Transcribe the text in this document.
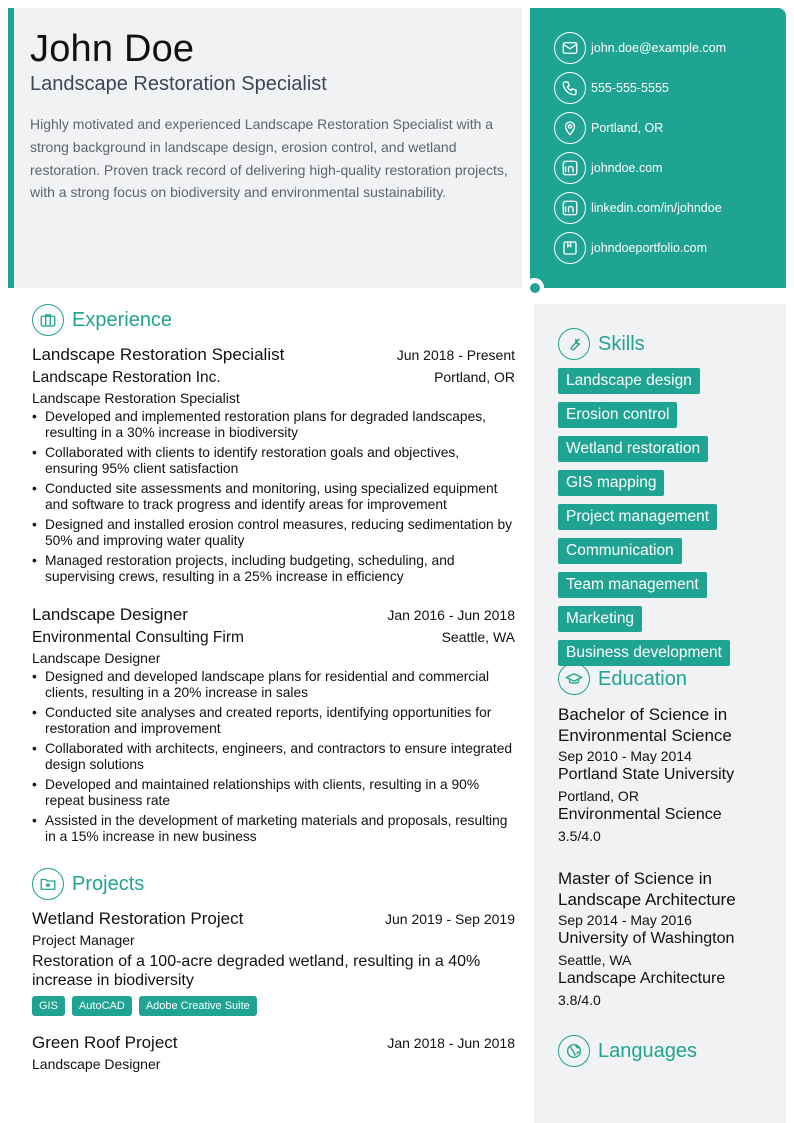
John Doe
Landscape Restoration Specialist
Highly motivated and experienced Landscape Restoration Specialist with a strong background in landscape design, erosion control, and wetland restoration. Proven track record of delivering high-quality restoration projects, with a strong focus on biodiversity and environmental sustainability.
john.doe@example.com
555-555-5555
Portland, OR
johndoe.com
linkedin.com/in/johndoe
johndoeportfolio.com
Experience
Landscape Restoration Specialist	Jun 2018 - Present
Landscape Restoration Inc.	Portland, OR
Landscape Restoration Specialist
• Developed and implemented restoration plans for degraded landscapes, resulting in a 30% increase in biodiversity
• Collaborated with clients to identify restoration goals and objectives, ensuring 95% client satisfaction
• Conducted site assessments and monitoring, using specialized equipment and software to track progress and identify areas for improvement
• Designed and installed erosion control measures, reducing sedimentation by 50% and improving water quality
• Managed restoration projects, including budgeting, scheduling, and supervising crews, resulting in a 25% increase in efficiency
Landscape Designer	Jan 2016 - Jun 2018
Environmental Consulting Firm	Seattle, WA
Landscape Designer
• Designed and developed landscape plans for residential and commercial clients, resulting in a 20% increase in sales
• Conducted site analyses and created reports, identifying opportunities for restoration and improvement
• Collaborated with architects, engineers, and contractors to ensure integrated design solutions
• Developed and maintained relationships with clients, resulting in a 90% repeat business rate
• Assisted in the development of marketing materials and proposals, resulting in a 15% increase in new business
Projects
Wetland Restoration Project	Jun 2019 - Sep 2019
Project Manager
Restoration of a 100-acre degraded wetland, resulting in a 40% increase in biodiversity
GIS	AutoCAD	Adobe Creative Suite
Green Roof Project	Jan 2018 - Jun 2018
Landscape Designer
Skills
Landscape design
Erosion control
Wetland restoration
GIS mapping
Project management
Communication
Team management
Marketing
Business development
Education
Bachelor of Science in Environmental Science
Sep 2010 - May 2014
Portland State University
Portland, OR
Environmental Science
3.5/4.0
Master of Science in Landscape Architecture
Sep 2014 - May 2016
University of Washington
Seattle, WA
Landscape Architecture
3.8/4.0
Languages
